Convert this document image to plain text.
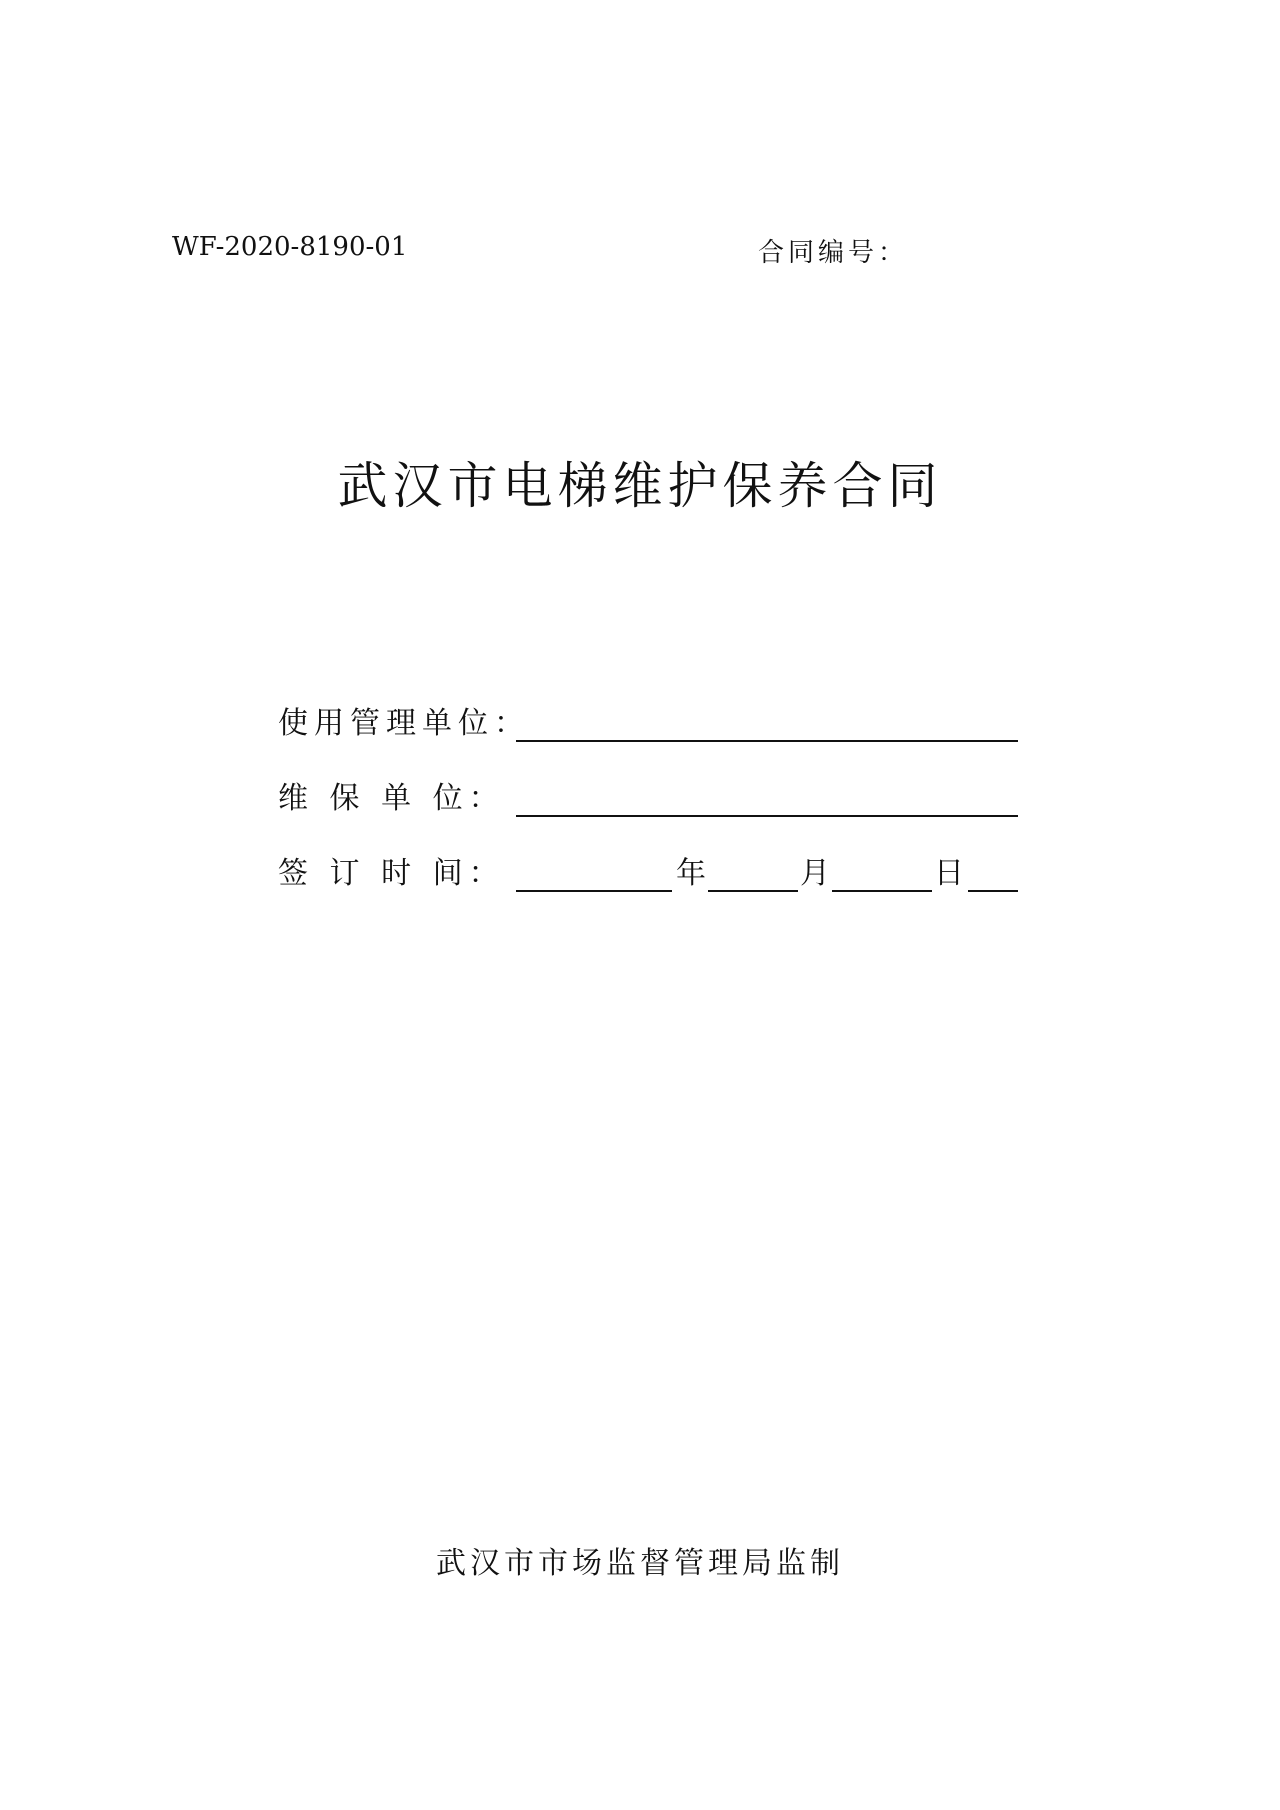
WF-2020-8190-01	合同编号：
武汉市电梯维护保养合同
使用管理单位：
维 保 单 位：
签 订 时 间：	年	月	日
武汉市市场监督管理局监制
